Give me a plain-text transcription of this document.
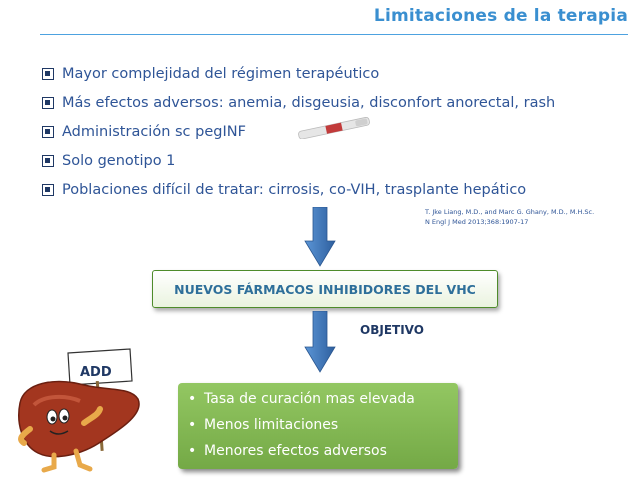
Limitaciones de la terapia
Mayor complejidad del régimen terapéutico
Más efectos adversos: anemia, disgeusia, disconfort anorectal, rash
Administración sc pegINF
Solo genotipo 1
Poblaciones difícil de tratar: cirrosis, co-VIH, trasplante hepático
T. Jke Liang, M.D., and Marc G. Ghany, M.D., M.H.Sc.
N Engl J Med 2013;368:1907-17
NUEVOS FÁRMACOS INHIBIDORES DEL VHC
OBJETIVO
ADD
• Tasa de curación mas elevada
• Menos limitaciones
• Menores efectos adversos
